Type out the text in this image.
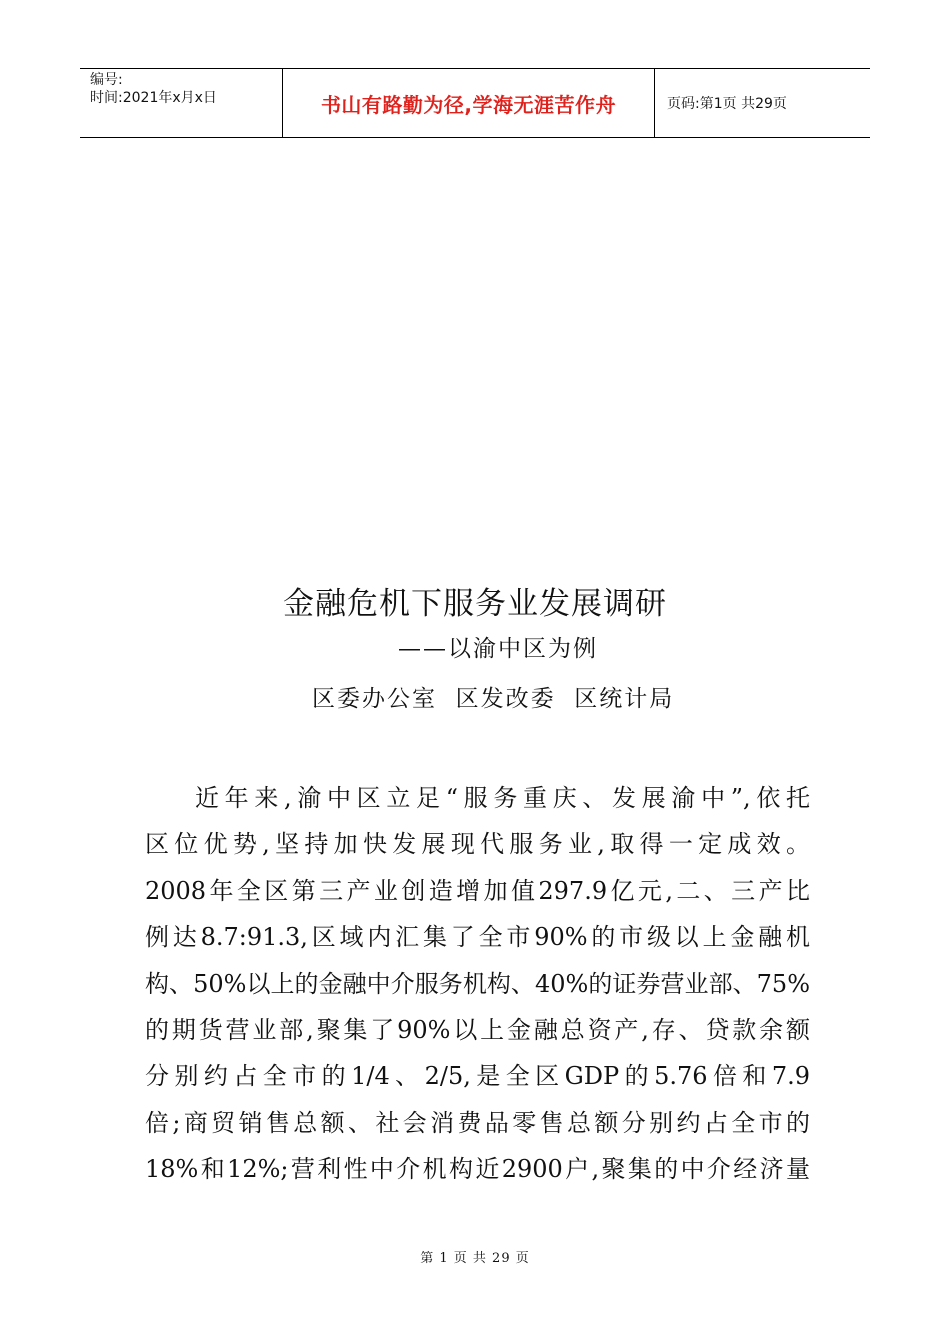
编号:
时间:2021年x月x日	书山有路勤为径,学海无涯苦作舟	页码:第1页 共29页
金融危机下服务业发展调研
——以渝中区为例
区委办公室  区发改委  区统计局
近年来,渝中区立足“服务重庆、发展渝中”,依托
区位优势,坚持加快发展现代服务业,取得一定成效。
2008年全区第三产业创造增加值297.9亿元,二、三产比
例达8.7:91.3,区域内汇集了全市90%的市级以上金融机
构、50%以上的金融中介服务机构、40%的证券营业部、75%
的期货营业部,聚集了90%以上金融总资产,存、贷款余额
分别约占全市的1/4、2/5,是全区GDP的5.76倍和7.9
倍;商贸销售总额、社会消费品零售总额分别约占全市的
18%和12%;营利性中介机构近2900户,聚集的中介经济量
第 1 页 共 29 页
